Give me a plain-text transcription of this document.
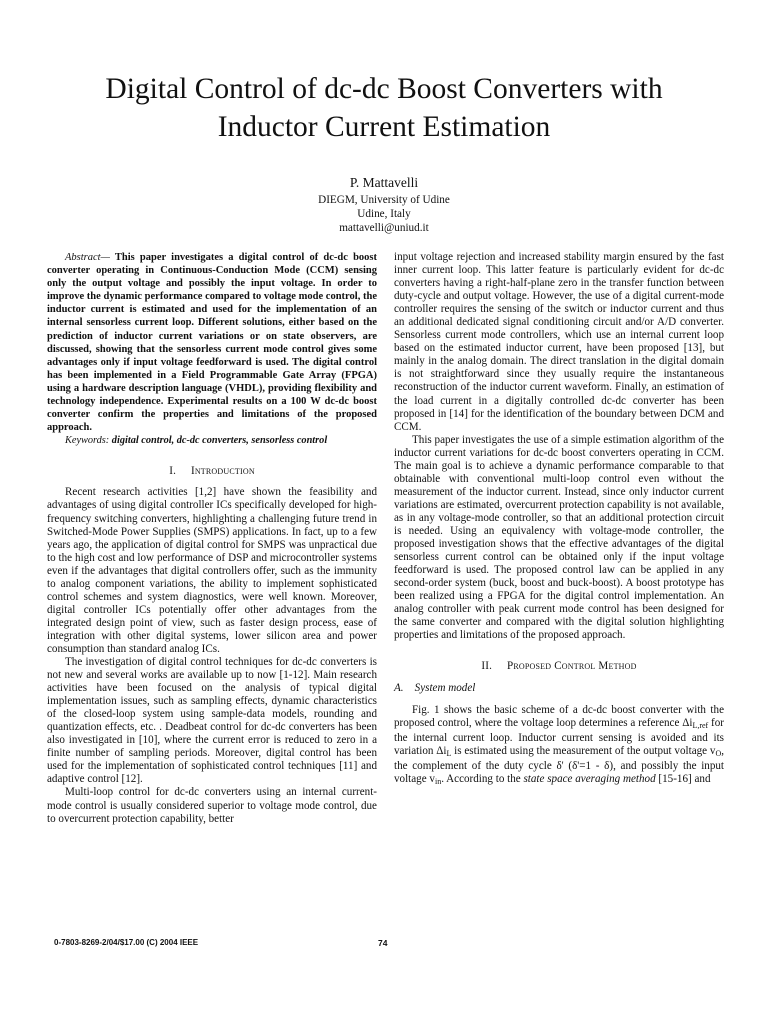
Digital Control of dc-dc Boost Converters with
Inductor Current Estimation
P. Mattavelli
DIEGM, University of Udine
Udine, Italy
mattavelli@uniud.it

Abstract— This paper investigates a digital control of dc-dc boost converter operating in Continuous-Conduction Mode (CCM) sensing only the output voltage and possibly the input voltage. In order to improve the dynamic performance compared to voltage mode control, the inductor current is estimated and used for the implementation of an internal sensorless current loop. Different solutions, either based on the prediction of inductor current variations or on state observers, are discussed, showing that the sensorless current mode control gives some advantages only if input voltage feedforward is used. The digital control has been implemented in a Field Programmable Gate Array (FPGA) using a hardware description language (VHDL), providing flexibility and technology independence. Experimental results on a 100 W dc-dc boost converter confirm the properties and limitations of the proposed approach.

Keywords: digital control, dc-dc converters, sensorless control

I. Introduction

Recent research activities [1,2] have shown the feasibility and advantages of using digital controller ICs specifically developed for high-frequency switching converters, highlighting a challenging future trend in Switched-Mode Power Supplies (SMPS) applications. In fact, up to a few years ago, the application of digital control for SMPS was unpractical due to the high cost and low performance of DSP and microcontroller systems even if the advantages that digital controllers offer, such as the immunity to analog component variations, the ability to implement sophisticated control schemes and system diagnostics, were well known. Moreover, digital controller ICs potentially offer other advantages from the integrated design point of view, such as faster design process, ease of integration with other digital systems, lower silicon area and power consumption than standard analog ICs.

The investigation of digital control techniques for dc-dc converters is not new and several works are available up to now [1-12]. Main research activities have been focused on the analysis of typical digital implementation issues, such as sampling effects, dynamic characteristics of the closed-loop system using sample-data models, rounding and quantization effects, etc. . Deadbeat control for dc-dc converters has been also investigated in [10], where the current error is reduced to zero in a finite number of sampling periods. Moreover, digital control has been used for the implementation of sophisticated control techniques [11] and adaptive control [12].

Multi-loop control for dc-dc converters using an internal current-mode control is usually considered superior to voltage mode control, due to overcurrent protection capability, better

input voltage rejection and increased stability margin ensured by the fast inner current loop. This latter feature is particularly evident for dc-dc converters having a right-half-plane zero in the transfer function between duty-cycle and output voltage. However, the use of a digital current-mode controller requires the sensing of the switch or inductor current and thus an additional dedicated signal conditioning circuit and/or A/D converter. Sensorless current mode controllers, which use an internal current loop based on the estimated inductor current, have been proposed [13], but mainly in the analog domain. The direct translation in the digital domain is not straightforward since they usually require the instantaneous reconstruction of the inductor current waveform. Finally, an estimation of the load current in a digitally controlled dc-dc converter has been proposed in [14] for the identification of the boundary between DCM and CCM.

This paper investigates the use of a simple estimation algorithm of the inductor current variations for dc-dc boost converters operating in CCM. The main goal is to achieve a dynamic performance comparable to that obtainable with conventional multi-loop control even without the measurement of the inductor current. Instead, since only inductor current variations are estimated, overcurrent protection capability is not available, as in any voltage-mode controller, so that an additional protection circuit is needed. Using an equivalency with voltage-mode controller, the proposed investigation shows that the effective advantages of the digital sensorless current control can be obtained only if the input voltage feedforward is used. The proposed control law can be applied in any second-order system (buck, boost and buck-boost). A boost prototype has been realized using a FPGA for the digital control implementation. An analog controller with peak current mode control has been designed for the same converter and compared with the digital solution highlighting properties and limitations of the proposed approach.

II. Proposed Control Method
A. System model

Fig. 1 shows the basic scheme of a dc-dc boost converter with the proposed control, where the voltage loop determines a reference $\Delta i_{L,ref}$ for the internal current loop. Inductor current sensing is avoided and its variation $\Delta i_L$ is estimated using the measurement of the output voltage $v_O$, the complement of the duty cycle δ' (δ'=1 - δ), and possibly the input voltage $v_{in}$. According to the state space averaging method [15-16] and

0-7803-8269-2/04/$17.00 (C) 2004 IEEE	74
